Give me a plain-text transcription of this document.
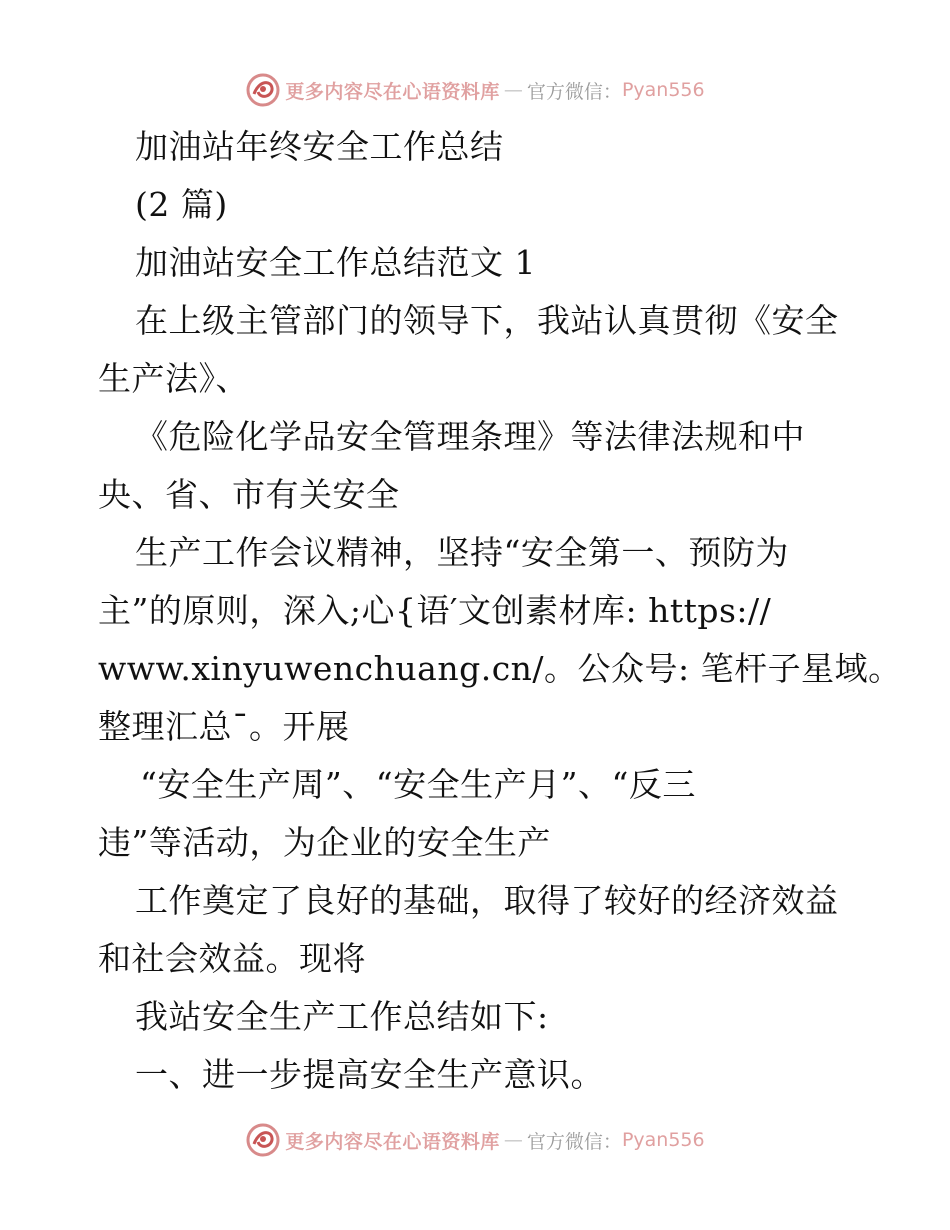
更多内容尽在心语资料库 — 官方微信： Pyan556
加油站年终安全工作总结
(2 篇)
加油站安全工作总结范文 1
在上级主管部门的领导下，我站认真贯彻《安全
生产法》、
《危险化学品安全管理条理》等法律法规和中
央、省、市有关安全
生产工作会议精神，坚持“安全第一、预防为
主”的原则，深入;心{语′文创素材库: https://
www.xinyuwenchuang.cn/。公众号: 笔杆子星域。
整理汇总¯。开展
“安全生产周”、“安全生产月”、“反三
违”等活动，为企业的安全生产
工作奠定了良好的基础，取得了较好的经济效益
和社会效益。现将
我站安全生产工作总结如下:
一、进一步提高安全生产意识。
更多内容尽在心语资料库 — 官方微信： Pyan556
